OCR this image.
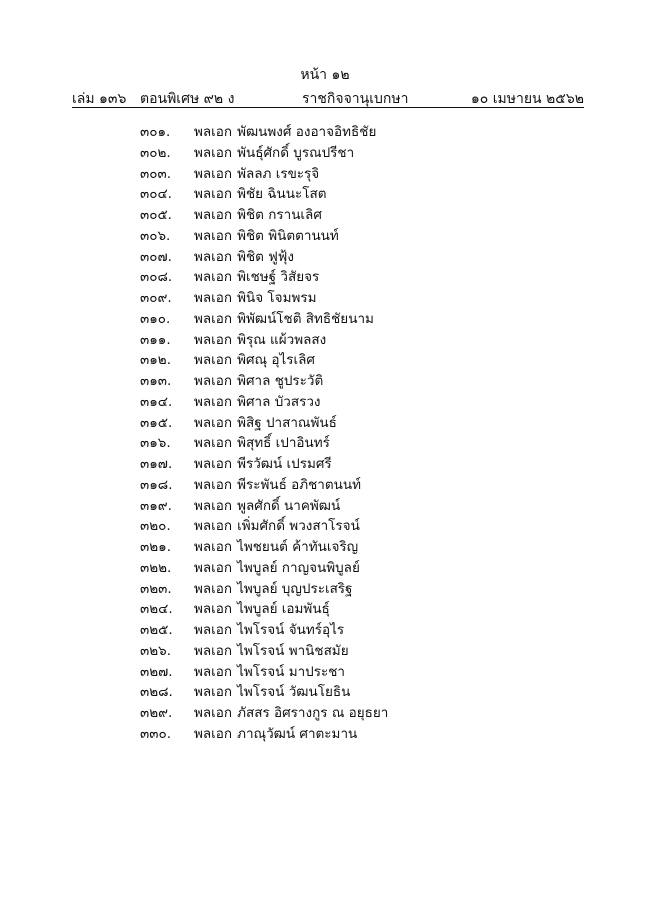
หน้า ๑๒
เล่ม ๑๓๖ ตอนพิเศษ ๙๒ ง	ราชกิจจานุเบกษา	๑๐ เมษายน ๒๕๖๒
๓๐๑.	พลเอก พัฒนพงศ์ องอาจอิทธิชัย
๓๐๒.	พลเอก พันธุ์ศักดิ์ บูรณปรีชา
๓๐๓.	พลเอก พัลลภ เรขะรุจิ
๓๐๔.	พลเอก พิชัย ฉินนะโสต
๓๐๕.	พลเอก พิชิต กรานเลิศ
๓๐๖.	พลเอก พิชิต พินิตตานนท์
๓๐๗.	พลเอก พิชิต ฟูฟุ้ง
๓๐๘.	พลเอก พิเชษฐ์ วิสัยจร
๓๐๙.	พลเอก พินิจ โจมพรม
๓๑๐.	พลเอก พิพัฒน์โชติ สิทธิชัยนาม
๓๑๑.	พลเอก พิรุณ แผ้วพลสง
๓๑๒.	พลเอก พิศณุ อุไรเลิศ
๓๑๓.	พลเอก พิศาล ชูประวัติ
๓๑๔.	พลเอก พิศาล บัวสรวง
๓๑๕.	พลเอก พิสิฐ ปาสาณพันธ์
๓๑๖.	พลเอก พิสุทธิ์ เปาอินทร์
๓๑๗.	พลเอก พีรวัฒน์ เปรมศรี
๓๑๘.	พลเอก พีระพันธ์ อภิชาตนนท์
๓๑๙.	พลเอก พูลศักดิ์ นาคพัฒน์
๓๒๐.	พลเอก เพิ่มศักดิ์ พวงสาโรจน์
๓๒๑.	พลเอก ไพชยนต์ ค้าทันเจริญ
๓๒๒.	พลเอก ไพบูลย์ กาญจนพิบูลย์
๓๒๓.	พลเอก ไพบูลย์ บุญประเสริฐ
๓๒๔.	พลเอก ไพบูลย์ เอมพันธุ์
๓๒๕.	พลเอก ไพโรจน์ จันทร์อุไร
๓๒๖.	พลเอก ไพโรจน์ พานิชสมัย
๓๒๗.	พลเอก ไพโรจน์ มาประชา
๓๒๘.	พลเอก ไพโรจน์ วัฒนโยธิน
๓๒๙.	พลเอก ภัสสร อิศรางกูร ณ อยุธยา
๓๓๐.	พลเอก ภาณุวัฒน์ ศาตะมาน
